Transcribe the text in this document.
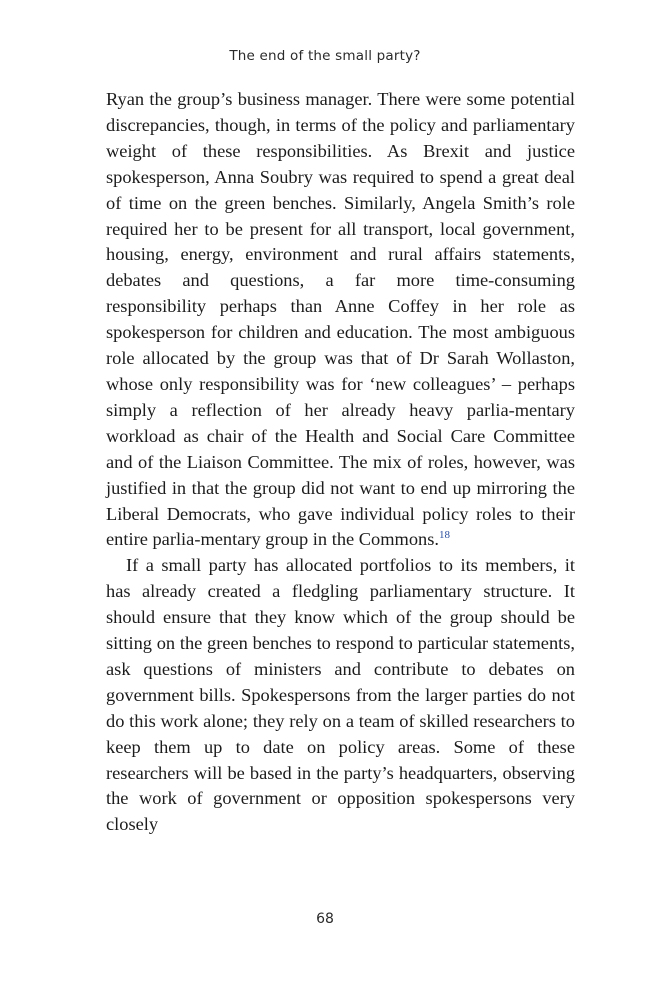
The end of the small party?

Ryan the group’s business manager. There were some potential discrepancies, though, in terms of the policy and parliamentary weight of these responsibilities. As Brexit and justice spokesperson, Anna Soubry was required to spend a great deal of time on the green benches. Similarly, Angela Smith’s role required her to be present for all transport, local government, housing, energy, environment and rural affairs statements, debates and questions, a far more time-consuming responsibility perhaps than Anne Coffey in her role as spokesperson for children and education. The most ambiguous role allocated by the group was that of Dr Sarah Wollaston, whose only responsibility was for ‘new colleagues’ – perhaps simply a reflection of her already heavy parlia-mentary workload as chair of the Health and Social Care Committee and of the Liaison Committee. The mix of roles, however, was justified in that the group did not want to end up mirroring the Liberal Democrats, who gave individual policy roles to their entire parlia-mentary group in the Commons.$^{18}$

If a small party has allocated portfolios to its members, it has already created a fledgling parliamentary structure. It should ensure that they know which of the group should be sitting on the green benches to respond to particular statements, ask questions of ministers and contribute to debates on government bills. Spokespersons from the larger parties do not do this work alone; they rely on a team of skilled researchers to keep them up to date on policy areas. Some of these researchers will be based in the party’s headquarters, observing the work of government or opposition spokespersons very closely

68
